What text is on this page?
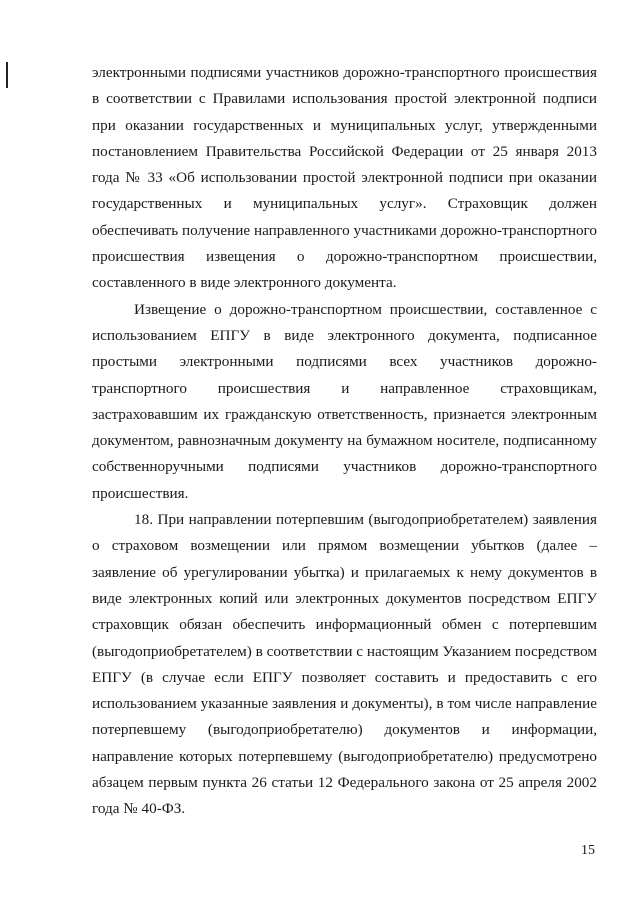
электронными подписями участников дорожно-транспортного происшествия в соответствии с Правилами использования простой электронной подписи при оказании государственных и муниципальных услуг, утвержденными постановлением Правительства Российской Федерации от 25 января 2013 года № 33 «Об использовании простой электронной подписи при оказании государственных и муниципальных услуг». Страховщик должен обеспечивать получение направленного участниками дорожно-транспортного происшествия извещения о дорожно-транспортном происшествии, составленного в виде электронного документа.

Извещение о дорожно-транспортном происшествии, составленное с использованием ЕПГУ в виде электронного документа, подписанное простыми электронными подписями всех участников дорожно-транспортного происшествия и направленное страховщикам, застраховавшим их гражданскую ответственность, признается электронным документом, равнозначным документу на бумажном носителе, подписанному собственноручными подписями участников дорожно-транспортного происшествия.

18. При направлении потерпевшим (выгодоприобретателем) заявления о страховом возмещении или прямом возмещении убытков (далее – заявление об урегулировании убытка) и прилагаемых к нему документов в виде электронных копий или электронных документов посредством ЕПГУ страховщик обязан обеспечить информационный обмен с потерпевшим (выгодоприобретателем) в соответствии с настоящим Указанием посредством ЕПГУ (в случае если ЕПГУ позволяет составить и предоставить с его использованием указанные заявления и документы), в том числе направление потерпевшему (выгодоприобретателю) документов и информации, направление которых потерпевшему (выгодоприобретателю) предусмотрено абзацем первым пункта 26 статьи 12 Федерального закона от 25 апреля 2002 года № 40-ФЗ.

15
